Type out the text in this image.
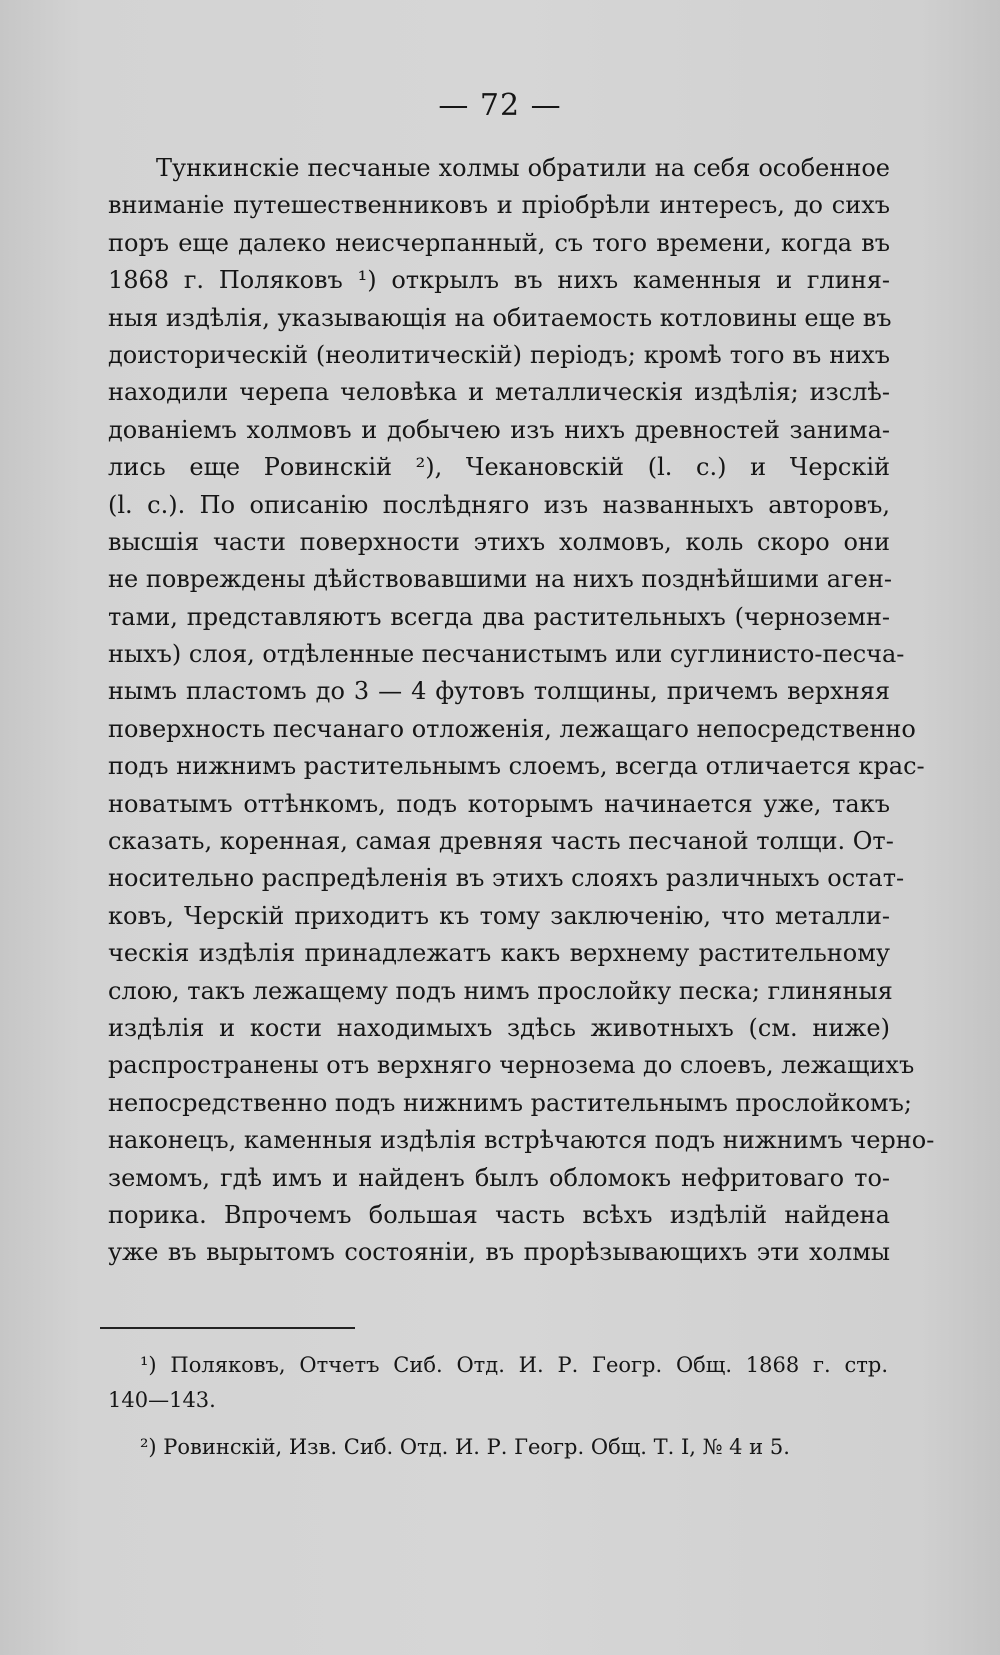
— 72 —
Тункинскіе песчаные холмы обратили на себя особенное
вниманіе путешественниковъ и пріобрѣли интересъ, до сихъ
поръ еще далеко неисчерпанный, съ того времени, когда въ
1868 г. Поляковъ ¹) открылъ въ нихъ каменныя и глиня-
ныя издѣлія, указывающія на обитаемость котловины еще въ
доисторическій (неолитическій) періодъ; кромѣ того въ нихъ
находили черепа человѣка и металлическія издѣлія; изслѣ-
дованіемъ холмовъ и добычею изъ нихъ древностей занима-
лись еще Ровинскій ²), Чекановскій (l. c.) и Черскій
(l. c.). По описанію послѣдняго изъ названныхъ авторовъ,
высшія части поверхности этихъ холмовъ, коль скоро они
не повреждены дѣйствовавшими на нихъ позднѣйшими аген-
тами, представляютъ всегда два растительныхъ (черноземн-
ныхъ) слоя, отдѣленные песчанистымъ или суглинисто-песча-
нымъ пластомъ до 3 — 4 футовъ толщины, причемъ верхняя
поверхность песчанаго отложенія, лежащаго непосредственно
подъ нижнимъ растительнымъ слоемъ, всегда отличается крас-
новатымъ оттѣнкомъ, подъ которымъ начинается уже, такъ
сказать, коренная, самая древняя часть песчаной толщи. От-
носительно распредѣленія въ этихъ слояхъ различныхъ остат-
ковъ, Черскій приходитъ къ тому заключенію, что металли-
ческія издѣлія принадлежатъ какъ верхнему растительному
слою, такъ лежащему подъ нимъ прослойку песка; глиняныя
издѣлія и кости находимыхъ здѣсь животныхъ (см. ниже)
распространены отъ верхняго чернозема до слоевъ, лежащихъ
непосредственно подъ нижнимъ растительнымъ прослойкомъ;
наконецъ, каменныя издѣлія встрѣчаются подъ нижнимъ черно-
земомъ, гдѣ имъ и найденъ былъ обломокъ нефритоваго то-
порика. Впрочемъ большая часть всѣхъ издѣлій найдена
уже въ вырытомъ состояніи, въ прорѣзывающихъ эти холмы
¹) Поляковъ, Отчетъ Сиб. Отд. И. Р. Геогр. Общ. 1868 г. стр.
140—143.
²) Ровинскій, Изв. Сиб. Отд. И. Р. Геогр. Общ. Т. I, № 4 и 5.
